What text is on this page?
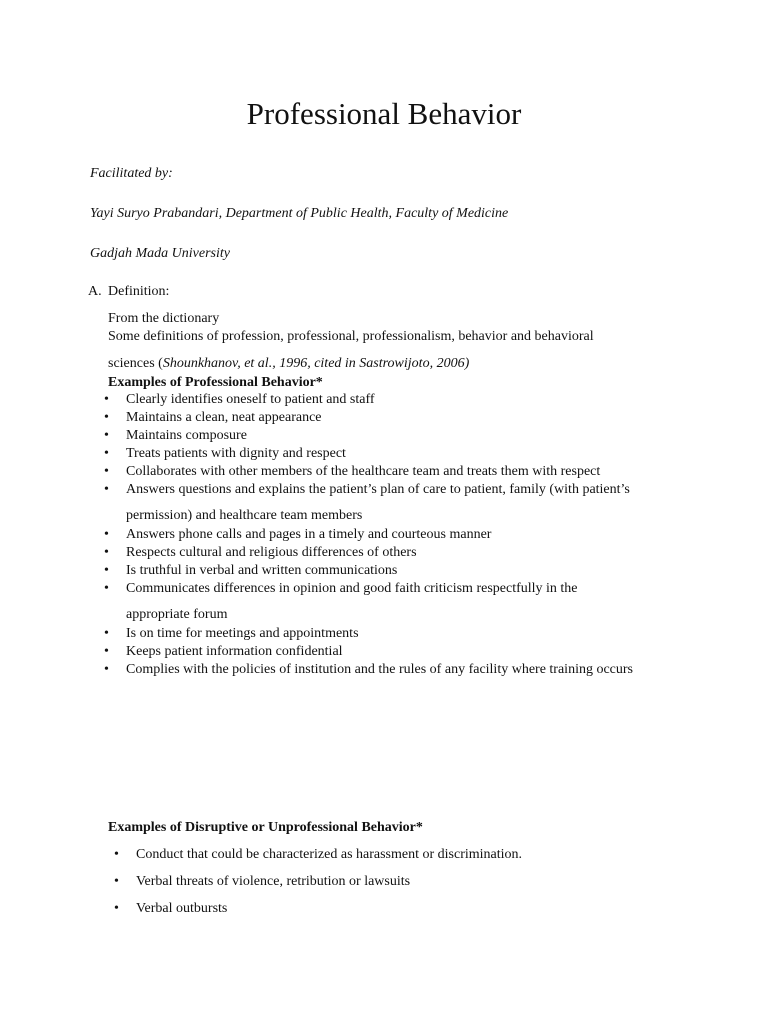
Professional Behavior
Facilitated by:
Yayi Suryo Prabandari, Department of Public Health, Faculty of Medicine
Gadjah Mada University
A. Definition:
From the dictionary
Some definitions of profession, professional, professionalism, behavior and behavioral
sciences (Shounkhanov, et al., 1996, cited in Sastrowijoto, 2006)
Examples of Professional Behavior*
• Clearly identifies oneself to patient and staff
• Maintains a clean, neat appearance
• Maintains composure
• Treats patients with dignity and respect
• Collaborates with other members of the healthcare team and treats them with respect
• Answers questions and explains the patient’s plan of care to patient, family (with patient’s
permission) and healthcare team members
• Answers phone calls and pages in a timely and courteous manner
• Respects cultural and religious differences of others
• Is truthful in verbal and written communications
• Communicates differences in opinion and good faith criticism respectfully in the
appropriate forum
• Is on time for meetings and appointments
• Keeps patient information confidential
• Complies with the policies of institution and the rules of any facility where training occurs
Examples of Disruptive or Unprofessional Behavior*
• Conduct that could be characterized as harassment or discrimination.
• Verbal threats of violence, retribution or lawsuits
• Verbal outbursts
